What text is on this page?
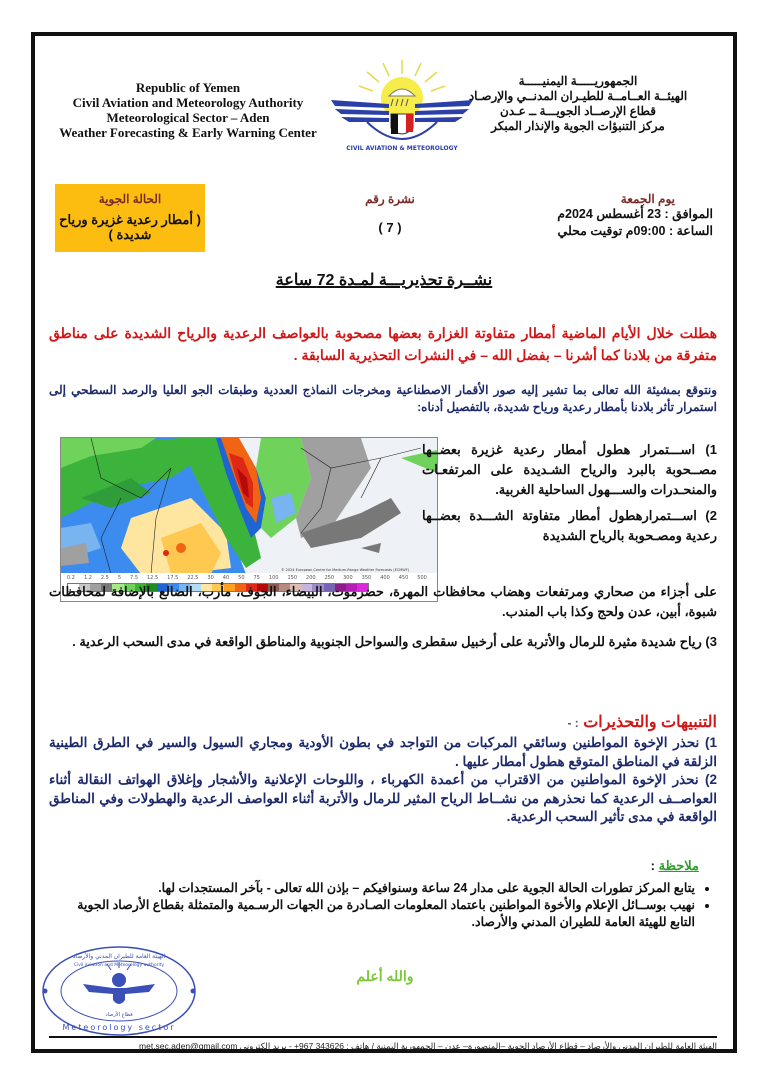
Republic of Yemen
Civil Aviation and Meteorology Authority
Meteorological Sector – Aden
Weather Forecasting & Early Warning Center
CIVIL AVIATION & METEOROLOGY
الجمهوريـــــة اليمنيـــــة
الهيئــة العــامــة للطيـران المدنــي والإرصـاد
قطاع الإرصــاد الجويـــة ــ عـدن
مركز التنبؤات الجوية والإنذار المبكر
الحالة الجوية
( أمطار رعدية غزيرة ورياح شديدة )
نشرة رقم
( 7 )
يوم الجمعة
الموافق : 23 أغسطس 2024م
الساعة : 09:00م توقيت محلي
نشــرة تحذيريـــة لمـدة 72 ساعة
هطلت خلال الأيام الماضية أمطار متفاوتة الغزارة بعضها مصحوبة بالعواصف الرعدية والرياح الشديدة على مناطق متفرقة من بلادنا كما أشرنا – بفضل الله – في النشرات التحذيرية السابقة .
ونتوقع بمشيئة الله تعالى بما تشير إليه صور الأقمار الاصطناعية ومخرجات النماذج العددية وطبقات الجو العليا والرصد السطحي إلى استمرار تأثر بلادنا بأمطار رعدية ورياح شديدة، بالتفصيل أدناه:
© 2024 European Centre for Medium-Range Weather Forecasts (ECMWF)
0.2 1.2 2.5 5 7.5 12.5 17.5 22.5 30 40 50 75 100 150 200 250 300 350 400 450 500

1) اســـتمرار هطول أمطار رعدية غزيرة بعضــها مصــحوبة بالبرد والرياح الشـديدة على المرتفعـات والمنحـدرات والســـهول الساحلية الغربية.

2) اســـتمرارهطول أمطار متفاوتة الشـــدة بعضــها رعدية ومصـحوبة بالرياح الشديدة

على أجزاء من صحاري ومرتفعات وهضاب محافظات المهرة، حضرموت، البيضاء، الجوف، مأرب، الضالع بالإضافة لمحافظات شبوة، أبين، عدن ولحج وكذا باب المندب.
3) رياح شديدة مثيرة للرمال والأتربة على أرخبيل سقطرى والسواحل الجنوبية والمناطق الواقعة في مدى السحب الرعدية .
التنبيهات والتحذيرات : -

1) نحذر الإخوة المواطنين وسائقي المركبات من التواجد في بطون الأودية ومجاري السيول والسير في الطرق الطينية الزلقة في المناطق المتوقع هطول أمطار عليها .

2) نحذر الإخوة المواطنين من الاقتراب من أعمدة الكهرباء ، واللوحات الإعلانية والأشجار وإغلاق الهواتف النقالة أثناء العواصــف الرعدية كما نحذرهم من نشــاط الرياح المثير للرمال والأتربة أثناء العواصف الرعدية والهطولات وفي المناطق الواقعة في مدى تأثير السحب الرعدية.

ملاحظة :
• يتابع المركز تطورات الحالة الجوية على مدار 24 ساعة وسنوافيكم – بإذن الله تعالى - بآخر المستجدات لها.
• نهيب بوســائل الإعلام والأخوة المواطنين باعتماد المعلومات الصـادرة من الجهات الرسـمية والمتمثلة بقطاع الأرصاد الجوية التابع للهيئة العامة للطيران المدني والأرصاد.
والله أعلم
الهيئة العامة للطيران المدني والأرصاد
Civil aviation and Meteorology authority
قطاع الأرصاد
Meteorology sector
الهيئة العامة للطيران المدني والأرصاد – قطاع الأرصاد الجوية –المنصورة– عدن – الجمهورية اليمنية / هاتف : 343626 967+ - بريد الكتروني met.sec.aden@gmail.com
